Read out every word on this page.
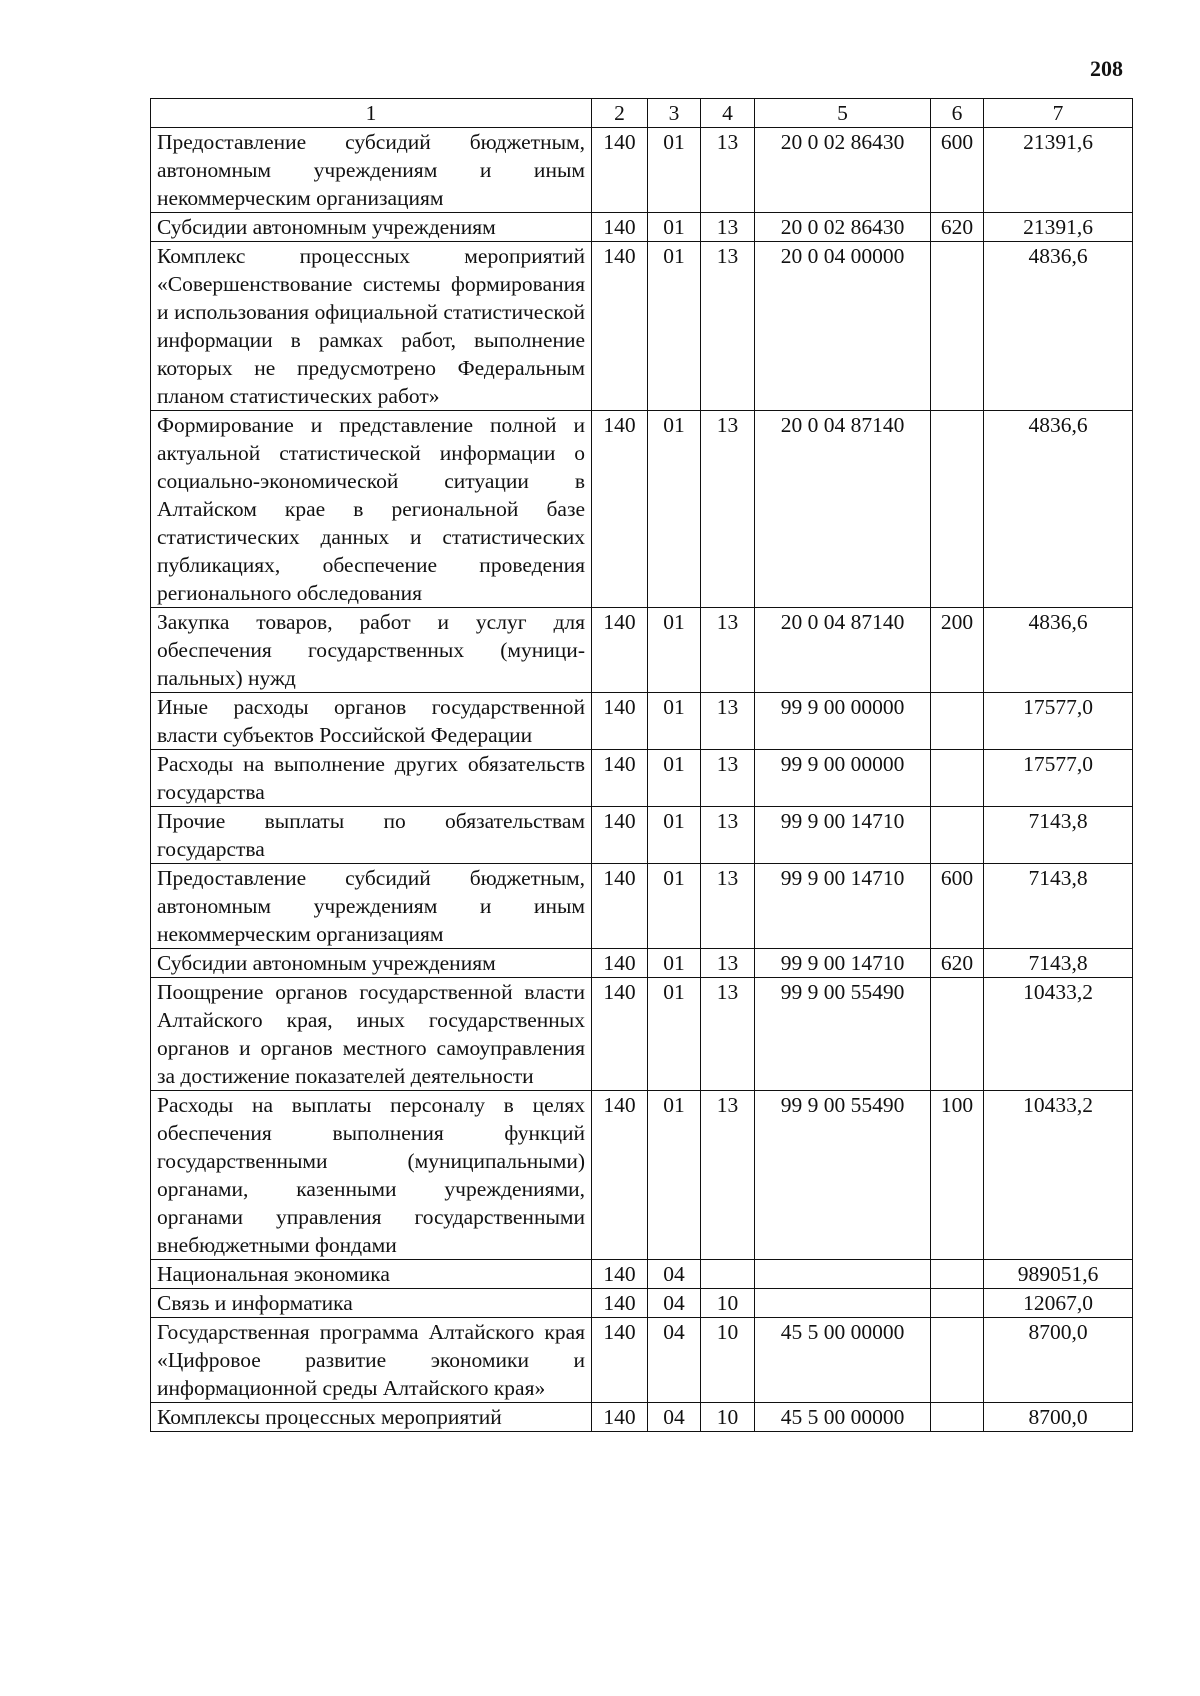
208
1	2	3	4	5	6	7
Предоставление субсидий бюджетным, автономным учреждениям и иным некоммерческим организациям	140	01	13	20 0 02 86430	600	21391,6
Субсидии автономным учреждениям	140	01	13	20 0 02 86430	620	21391,6
Комплекс процессных мероприятий «Совершенствование системы формирования и использования официальной статистической информации в рамках работ, выполнение которых не предусмотрено Федеральным планом статистических работ»	140	01	13	20 0 04 00000		4836,6
Формирование и представление полной и актуальной статистической информации о социально-экономической ситуации в Алтайском крае в региональной базе статистических данных и статистических публикациях, обеспечение проведения регионального обследования	140	01	13	20 0 04 87140		4836,6
Закупка товаров, работ и услуг для обеспечения государственных (муниципальных) нужд	140	01	13	20 0 04 87140	200	4836,6
Иные расходы органов государственной власти субъектов Российской Федерации	140	01	13	99 9 00 00000		17577,0
Расходы на выполнение других обязательств государства	140	01	13	99 9 00 00000		17577,0
Прочие выплаты по обязательствам государства	140	01	13	99 9 00 14710		7143,8
Предоставление субсидий бюджетным, автономным учреждениям и иным некоммерческим организациям	140	01	13	99 9 00 14710	600	7143,8
Субсидии автономным учреждениям	140	01	13	99 9 00 14710	620	7143,8
Поощрение органов государственной власти Алтайского края, иных государственных органов и органов местного самоуправления за достижение показателей деятельности	140	01	13	99 9 00 55490		10433,2
Расходы на выплаты персоналу в целях обеспечения выполнения функций государственными (муниципальными) органами, казенными учреждениями, органами управления государственными внебюджетными фондами	140	01	13	99 9 00 55490	100	10433,2
Национальная экономика	140	04				989051,6
Связь и информатика	140	04	10			12067,0
Государственная программа Алтайского края «Цифровое развитие экономики и информационной среды Алтайского края»	140	04	10	45 5 00 00000		8700,0
Комплексы процессных мероприятий	140	04	10	45 5 00 00000		8700,0
